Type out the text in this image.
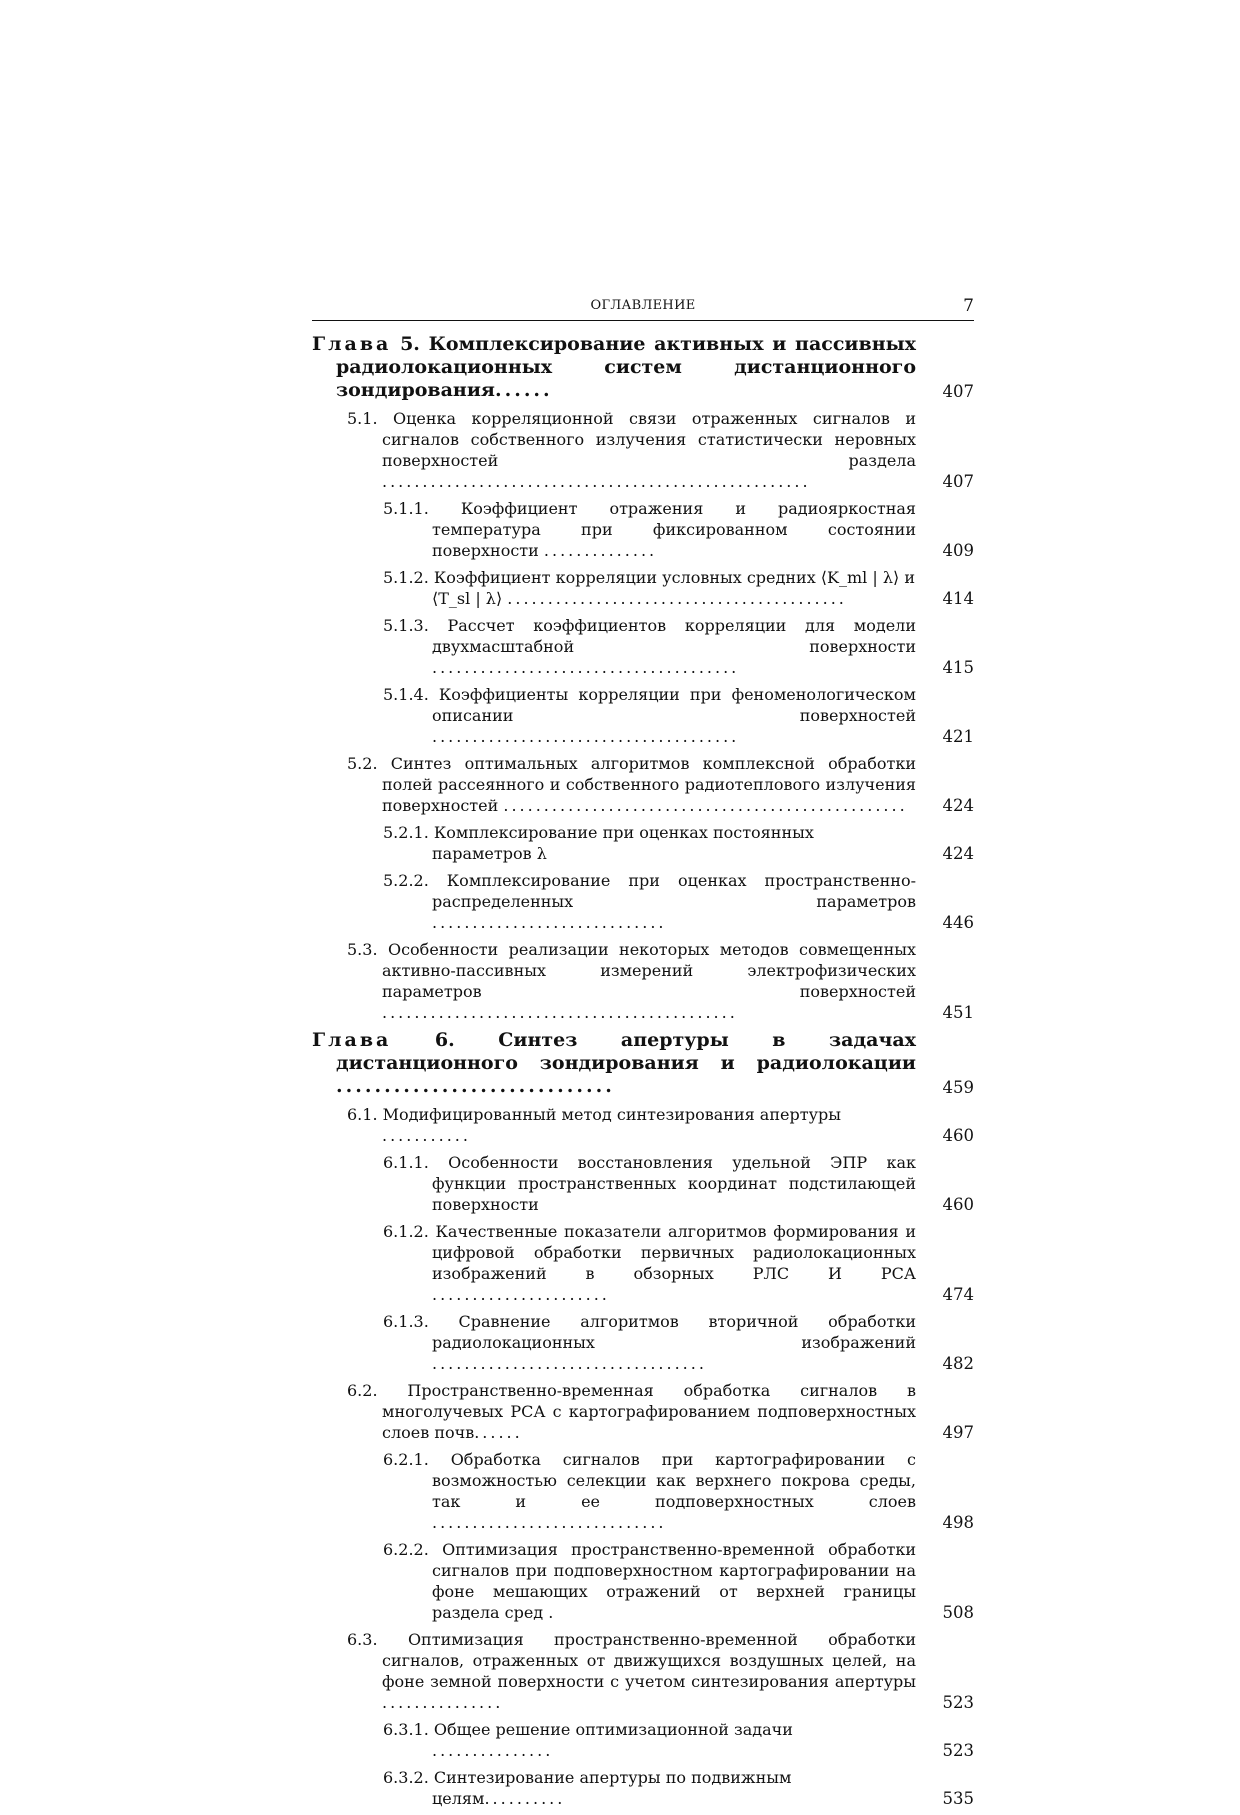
ОГЛАВЛЕНИЕ	7
Глава 5. Комплексирование активных и пассивных радиолокационных систем дистанционного зондирования......	407
5.1. Оценка корреляционной связи отраженных сигналов и сигналов собственного излучения статистически неровных поверхностей раздела .....................................................	407
5.1.1. Коэффициент отражения и радиояркостная температура при фиксированном состоянии поверхности ..............	409
5.1.2. Коэффициент корреляции условных средних ⟨K_ml | λ⟩ и ⟨T_sl | λ⟩ ..........................................	414
5.1.3. Рассчет коэффициентов корреляции для модели двухмасштабной поверхности ......................................	415
5.1.4. Коэффициенты корреляции при феноменологическом описании поверхностей ......................................	421
5.2. Синтез оптимальных алгоритмов комплексной обработки полей рассеянного и собственного радиотеплового излучения поверхностей ..................................................	424
5.2.1. Комплексирование при оценках постоянных параметров λ	424
5.2.2. Комплексирование при оценках пространственно-распределенных параметров .............................	446
5.3. Особенности реализации некоторых методов совмещенных активно-пассивных измерений электрофизических параметров поверхностей ............................................	451
Глава 6. Синтез апертуры в задачах дистанционного зондирования и радиолокации .............................	459
6.1. Модифицированный метод синтезирования апертуры ...........	460
6.1.1. Особенности восстановления удельной ЭПР как функции пространственных координат подстилающей поверхности	460
6.1.2. Качественные показатели алгоритмов формирования и цифровой обработки первичных радиолокационных изображений в обзорных РЛС И РСА ......................	474
6.1.3. Сравнение алгоритмов вторичной обработки радиолокационных изображений ..................................	482
6.2. Пространственно-временная обработка сигналов в многолучевых РСА с картографированием подповерхностных слоев почв......	497
6.2.1. Обработка сигналов при картографировании с возможностью селекции как верхнего покрова среды, так и ее подповерхностных слоев .............................	498
6.2.2. Оптимизация пространственно-временной обработки сигналов при подповерхностном картографировании на фоне мешающих отражений от верхней границы раздела сред .	508
6.3. Оптимизация пространственно-временной обработки сигналов, отраженных от движущихся воздушных целей, на фоне земной поверхности с учетом синтезирования апертуры ...............	523
6.3.1. Общее решение оптимизационной задачи ...............	523
6.3.2. Синтезирование апертуры по подвижным целям..........	535
